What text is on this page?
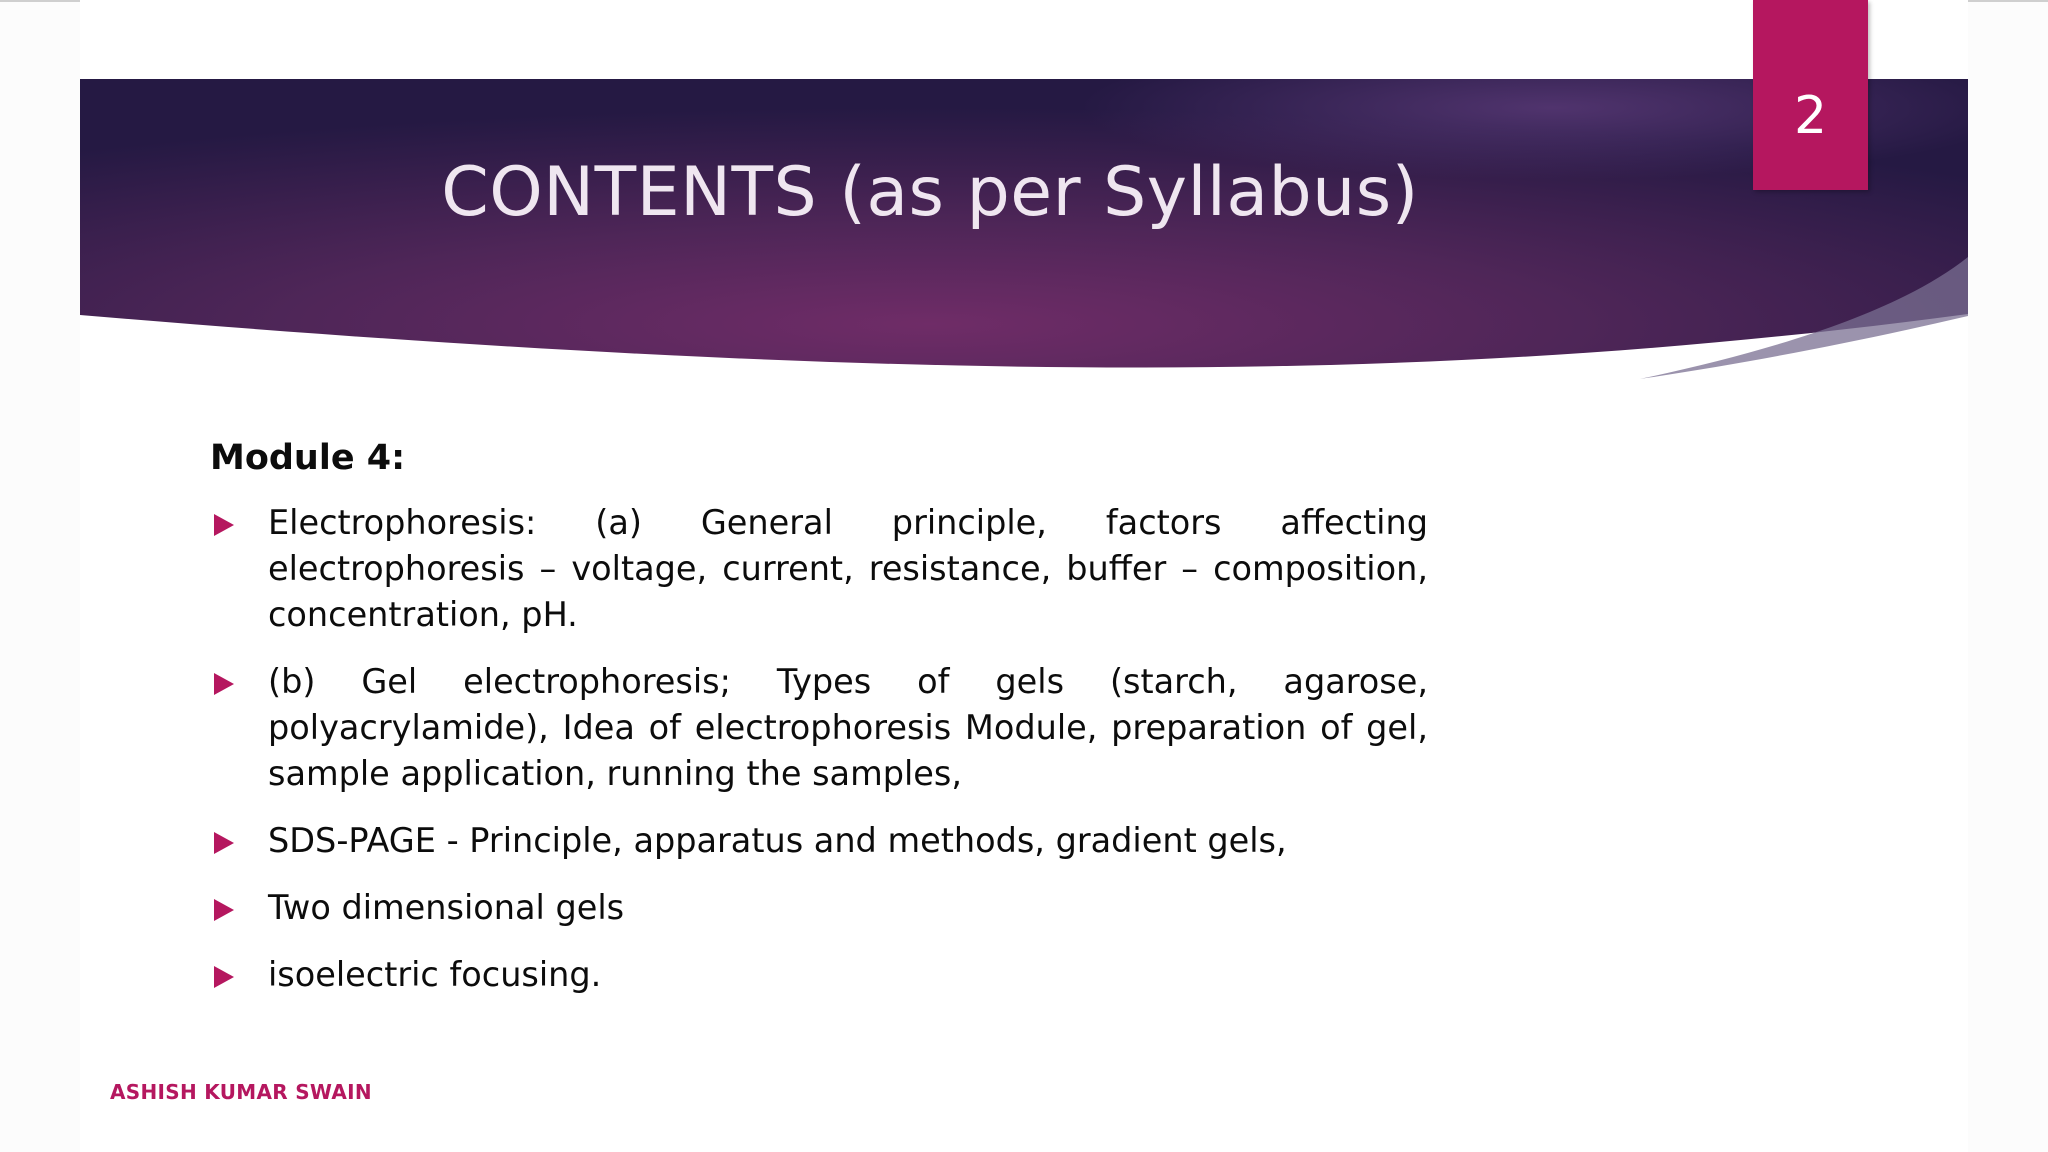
CONTENTS (as per Syllabus)
2
Module 4:
Electrophoresis: (a) General principle, factors affecting electrophoresis – voltage, current, resistance, buffer – composition, concentration, pH.
(b) Gel electrophoresis; Types of gels (starch, agarose, polyacrylamide), Idea of electrophoresis Module, preparation of gel, sample application, running the samples,
SDS-PAGE - Principle, apparatus and methods, gradient gels,
Two dimensional gels
isoelectric focusing.
ASHISH KUMAR SWAIN
